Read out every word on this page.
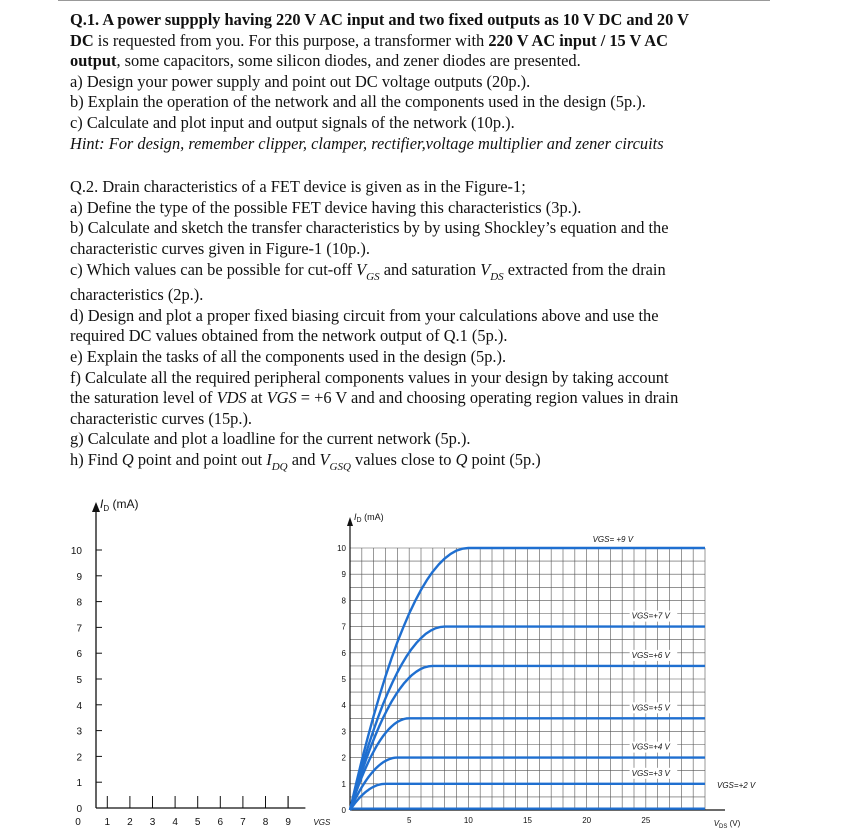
Q.1. A power suppply having 220 V AC input and two fixed outputs as 10 V DC and 20 V

DC is requested from you. For this purpose, a transformer with 220 V AC input / 15 V AC

output, some capacitors, some silicon diodes, and zener diodes are presented.

a) Design your power supply and point out DC voltage outputs (20p.).

b) Explain the operation of the network and all the components used in the design (5p.).

c) Calculate and plot input and output signals of the network (10p.).

Hint: For design, remember clipper, clamper, rectifier,voltage multiplier and zener circuits

Q.2. Drain characteristics of a FET device is given as in the Figure-1;

a) Define the type of the possible FET device having this characteristics (3p.).

b) Calculate and sketch the transfer characteristics by by using Shockley’s equation and the

characteristic curves given in Figure-1 (10p.).

c) Which values can be possible for cut-off $V_{GS}$ and saturation $V_{DS}$ extracted from the drain

characteristics (2p.).

d) Design and plot a proper fixed biasing circuit from your calculations above and use the

required DC values obtained from the network output of Q.1 (5p.).

e) Explain the tasks of all the components used in the design (5p.).

f) Calculate all the required peripheral components values in your design by taking account

the saturation level of VDS at VGS = +6 V and and choosing operating region values in drain

characteristic curves (15p.).

g) Calculate and plot a loadline for the current network (5p.).

h) Find Q point and point out $I_{DQ}$ and $V_{GSQ}$ values close to Q point (5p.)

$I_D$ (mA)
0
1
2
3
4
5
6
7
8
9
10
0 1 2 3 4 5 6 7 8 9	VGS
$I_D$ (mA)
0
1
2
3
4
5
6
7
8
9
10
5	10	15	20	25	$V_{DS}$ (V)
VGS= +9 V
VGS=+7 V
VGS=+6 V
VGS=+5 V
VGS=+4 V
VGS=+3 V
VGS=+2 V
